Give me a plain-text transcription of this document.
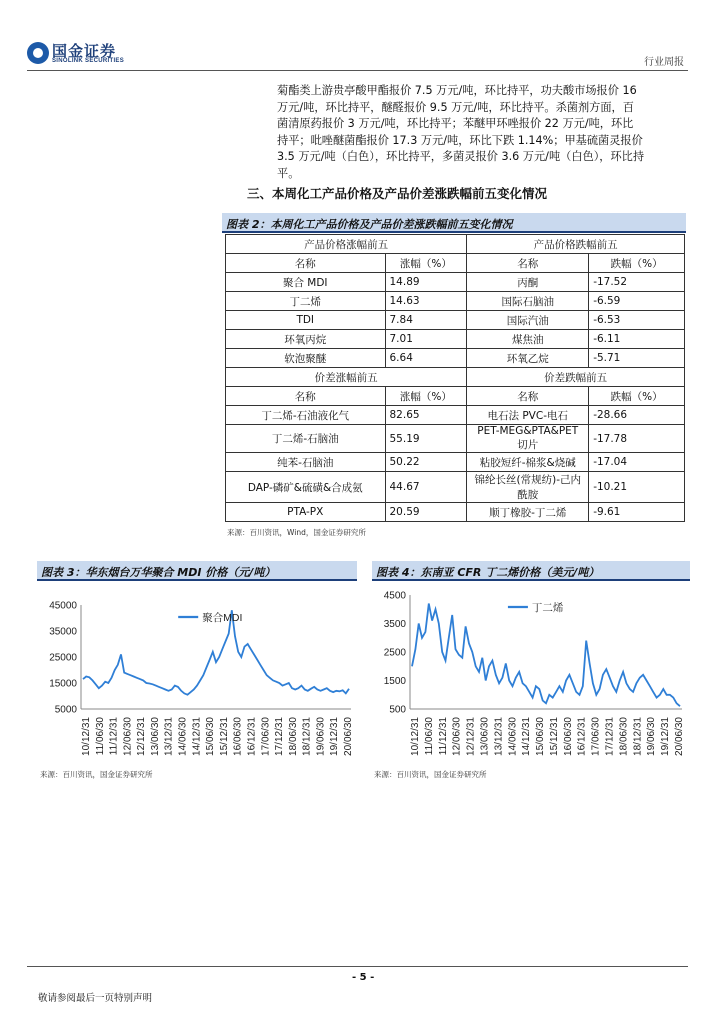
国金证券
SINOLINK SECURITIES	行业周报
菊酯类上游贵亭酸甲酯报价 7.5 万元/吨，环比持平，功夫酸市场报价 16
万元/吨，环比持平，醚醛报价 9.5 万元/吨，环比持平。杀菌剂方面，百
菌清原药报价 3 万元/吨，环比持平；苯醚甲环唑报价 22 万元/吨，环比
持平；吡唑醚菌酯报价 17.3 万元/吨，环比下跌 1.14%；甲基硫菌灵报价
3.5 万元/吨（白色），环比持平，多菌灵报价 3.6 万元/吨（白色），环比持
平。
三、本周化工产品价格及产品价差涨跌幅前五变化情况
图表 2：本周化工产品价格及产品价差涨跌幅前五变化情况
产品价格涨幅前五		产品价格跌幅前五	
名称	涨幅（%）	名称	跌幅（%）
聚合 MDI	14.89	丙酮	-17.52
丁二烯	14.63	国际石脑油	-6.59
TDI	7.84	国际汽油	-6.53
环氧丙烷	7.01	煤焦油	-6.11
软泡聚醚	6.64	环氧乙烷	-5.71
价差涨幅前五		价差跌幅前五	
名称	涨幅（%）	名称	跌幅（%）
丁二烯-石油液化气	82.65	电石法 PVC-电石	-28.66
丁二烯-石脑油	55.19	PET-MEG&PTA&PET 切片	-17.78
纯苯-石脑油	50.22	粘胶短纤-棉浆&烧碱	-17.04
DAP-磷矿&硫磺&合成氨	44.67	锦纶长丝(常规纺)-己内酰胺	-10.21
PTA-PX	20.59	顺丁橡胶-丁二烯	-9.61
来源：百川资讯，Wind，国金证券研究所
图表 3：华东烟台万华聚合 MDI 价格（元/吨）
5000
15000
25000
35000
45000
10/12/31 11/06/30 11/12/31 12/06/30 12/12/31 13/06/30 13/12/31 14/06/30 14/12/31 15/06/30 15/12/31 16/06/30 16/12/31 17/06/30 17/12/31 18/06/30 18/12/31 19/06/30 19/12/31 20/06/30
聚合MDI
来源：百川资讯，国金证券研究所
图表 4：东南亚 CFR 丁二烯价格（美元/吨）
500
1500
2500
3500
4500
10/12/31 11/06/30 11/12/31 12/06/30 12/12/31 13/06/30 13/12/31 14/06/30 14/12/31 15/06/30 15/12/31 16/06/30 16/12/31 17/06/30 17/12/31 18/06/30 18/12/31 19/06/30 19/12/31 20/06/30
丁二烯
来源：百川资讯，国金证券研究所
- 5 -
敬请参阅最后一页特别声明
